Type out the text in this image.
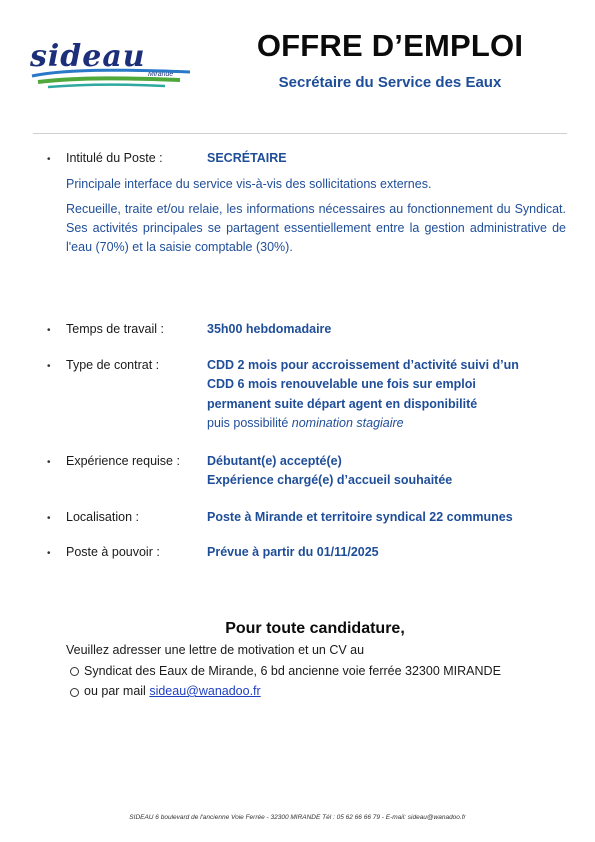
sideau
Mirande
OFFRE D’EMPLOI
Secrétaire du Service des Eaux
• Intitulé du Poste :	SECRÉTAIRE
Principale interface du service vis-à-vis des sollicitations externes.
Recueille, traite et/ou relaie, les informations nécessaires au fonctionnement du Syndicat. Ses activités principales se partagent essentiellement entre la gestion administrative de l'eau (70%) et la saisie comptable (30%).
• Temps de travail :	35h00 hebdomadaire
• Type de contrat :	CDD 2 mois pour accroissement d’activité suivi d’un
CDD 6 mois renouvelable une fois sur emploi
permanent suite départ agent en disponibilité
puis possibilité nomination stagiaire
• Expérience requise : Débutant(e) accepté(e)
Expérience chargé(e) d’accueil souhaitée
• Localisation :	Poste à Mirande et territoire syndical 22 communes
• Poste à pouvoir :	Prévue à partir du 01/11/2025
Pour toute candidature,
Veuillez adresser une lettre de motivation et un CV au
Syndicat des Eaux de Mirande, 6 bd ancienne voie ferrée 32300 MIRANDE
ou par mail sideau@wanadoo.fr
SIDEAU 6 boulevard de l'ancienne Voie Ferrée - 32300 MIRANDE Tél : 05 62 66 66 79 - E-mail: sideau@wanadoo.fr
